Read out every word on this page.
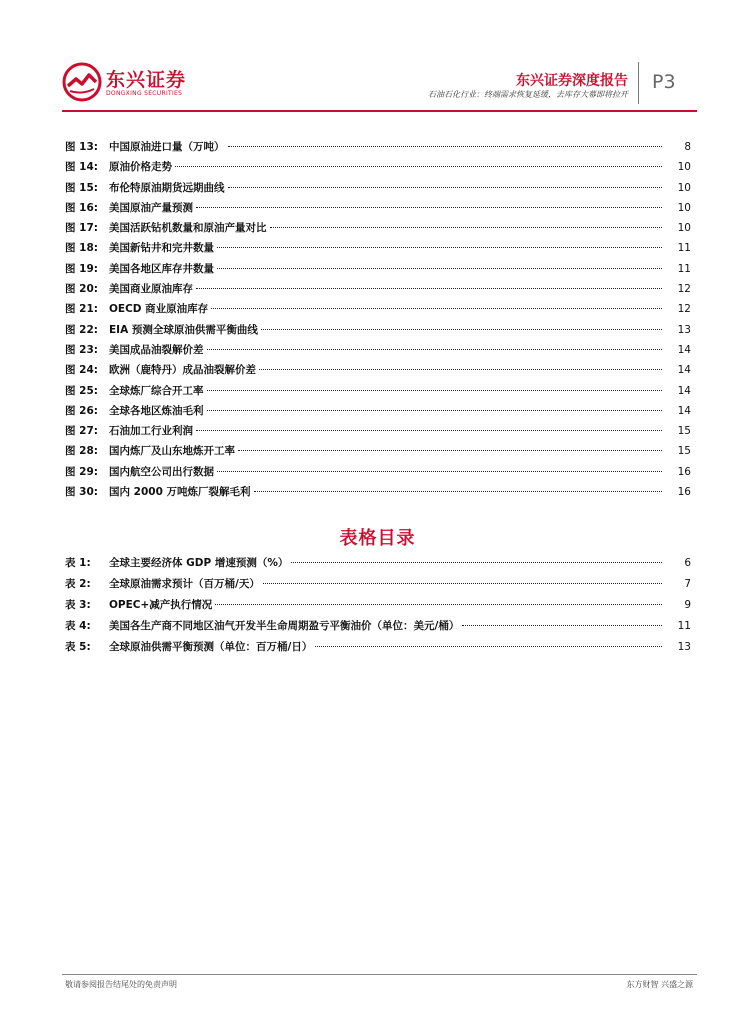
东兴证券
DONGXING SECURITIES
东兴证券深度报告
石油石化行业：终端需求恢复延缓，去库存大幕即将拉开
P3
图 13: 中国原油进口量（万吨）	8
图 14: 原油价格走势	10
图 15: 布伦特原油期货远期曲线	10
图 16: 美国原油产量预测	10
图 17: 美国活跃钻机数量和原油产量对比	10
图 18: 美国新钻井和完井数量	11
图 19: 美国各地区库存井数量	11
图 20: 美国商业原油库存	12
图 21: OECD 商业原油库存	12
图 22: EIA 预测全球原油供需平衡曲线	13
图 23: 美国成品油裂解价差	14
图 24: 欧洲（鹿特丹）成品油裂解价差	14
图 25: 全球炼厂综合开工率	14
图 26: 全球各地区炼油毛利	14
图 27: 石油加工行业利润	15
图 28: 国内炼厂及山东地炼开工率	15
图 29: 国内航空公司出行数据	16
图 30: 国内 2000 万吨炼厂裂解毛利	16
表格目录
表 1: 全球主要经济体 GDP 增速预测（%）	6
表 2: 全球原油需求预计（百万桶/天）	7
表 3: OPEC+减产执行情况	9
表 4: 美国各生产商不同地区油气开发半生命周期盈亏平衡油价（单位：美元/桶）	11
表 5: 全球原油供需平衡预测（单位：百万桶/日）	13
敬请参阅报告结尾处的免责声明	东方财智 兴盛之源
